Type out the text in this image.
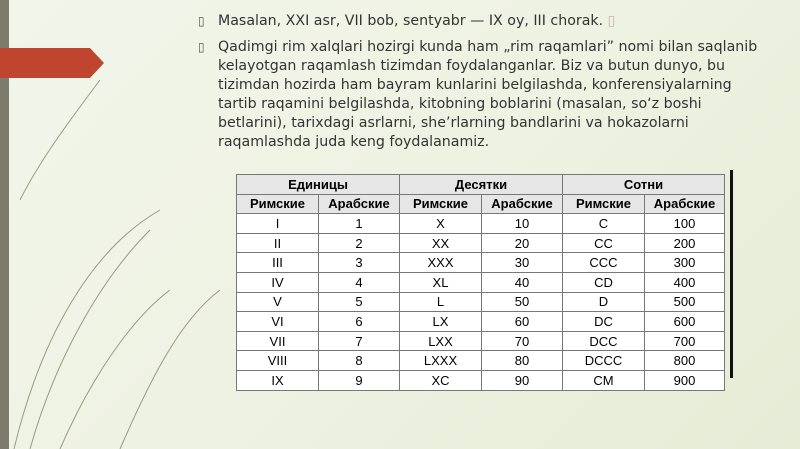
▯ Masalan, XXI asr, VII bob, sentyabr — IX oy, III chorak. ▯
▯ Qadimgi rim xalqlari hozirgi kunda ham „rim raqamlari” nomi bilan saqlanib kelayotgan raqamlash tizimdan foydalanganlar. Biz va butun dunyo, bu tizimdan hozirda ham bayram kunlarini belgilashda, konferensiyalarning tartib raqamini belgilashda, kitobning boblarini (masalan, so‘z boshi betlarini), tarixdagi asrlarni, she’rlarning bandlarini va hokazolarni raqamlashda juda keng foydalanamiz.
Единицы		Десятки		Сотни	
Римские	Арабские	Римские	Арабские	Римские	Арабские
I	1	X	10	C	100
II	2	XX	20	CC	200
III	3	XXX	30	CCC	300
IV	4	XL	40	CD	400
V	5	L	50	D	500
VI	6	LX	60	DC	600
VII	7	LXX	70	DCC	700
VIII	8	LXXX	80	DCCC	800
IX	9	XC	90	CM	900
